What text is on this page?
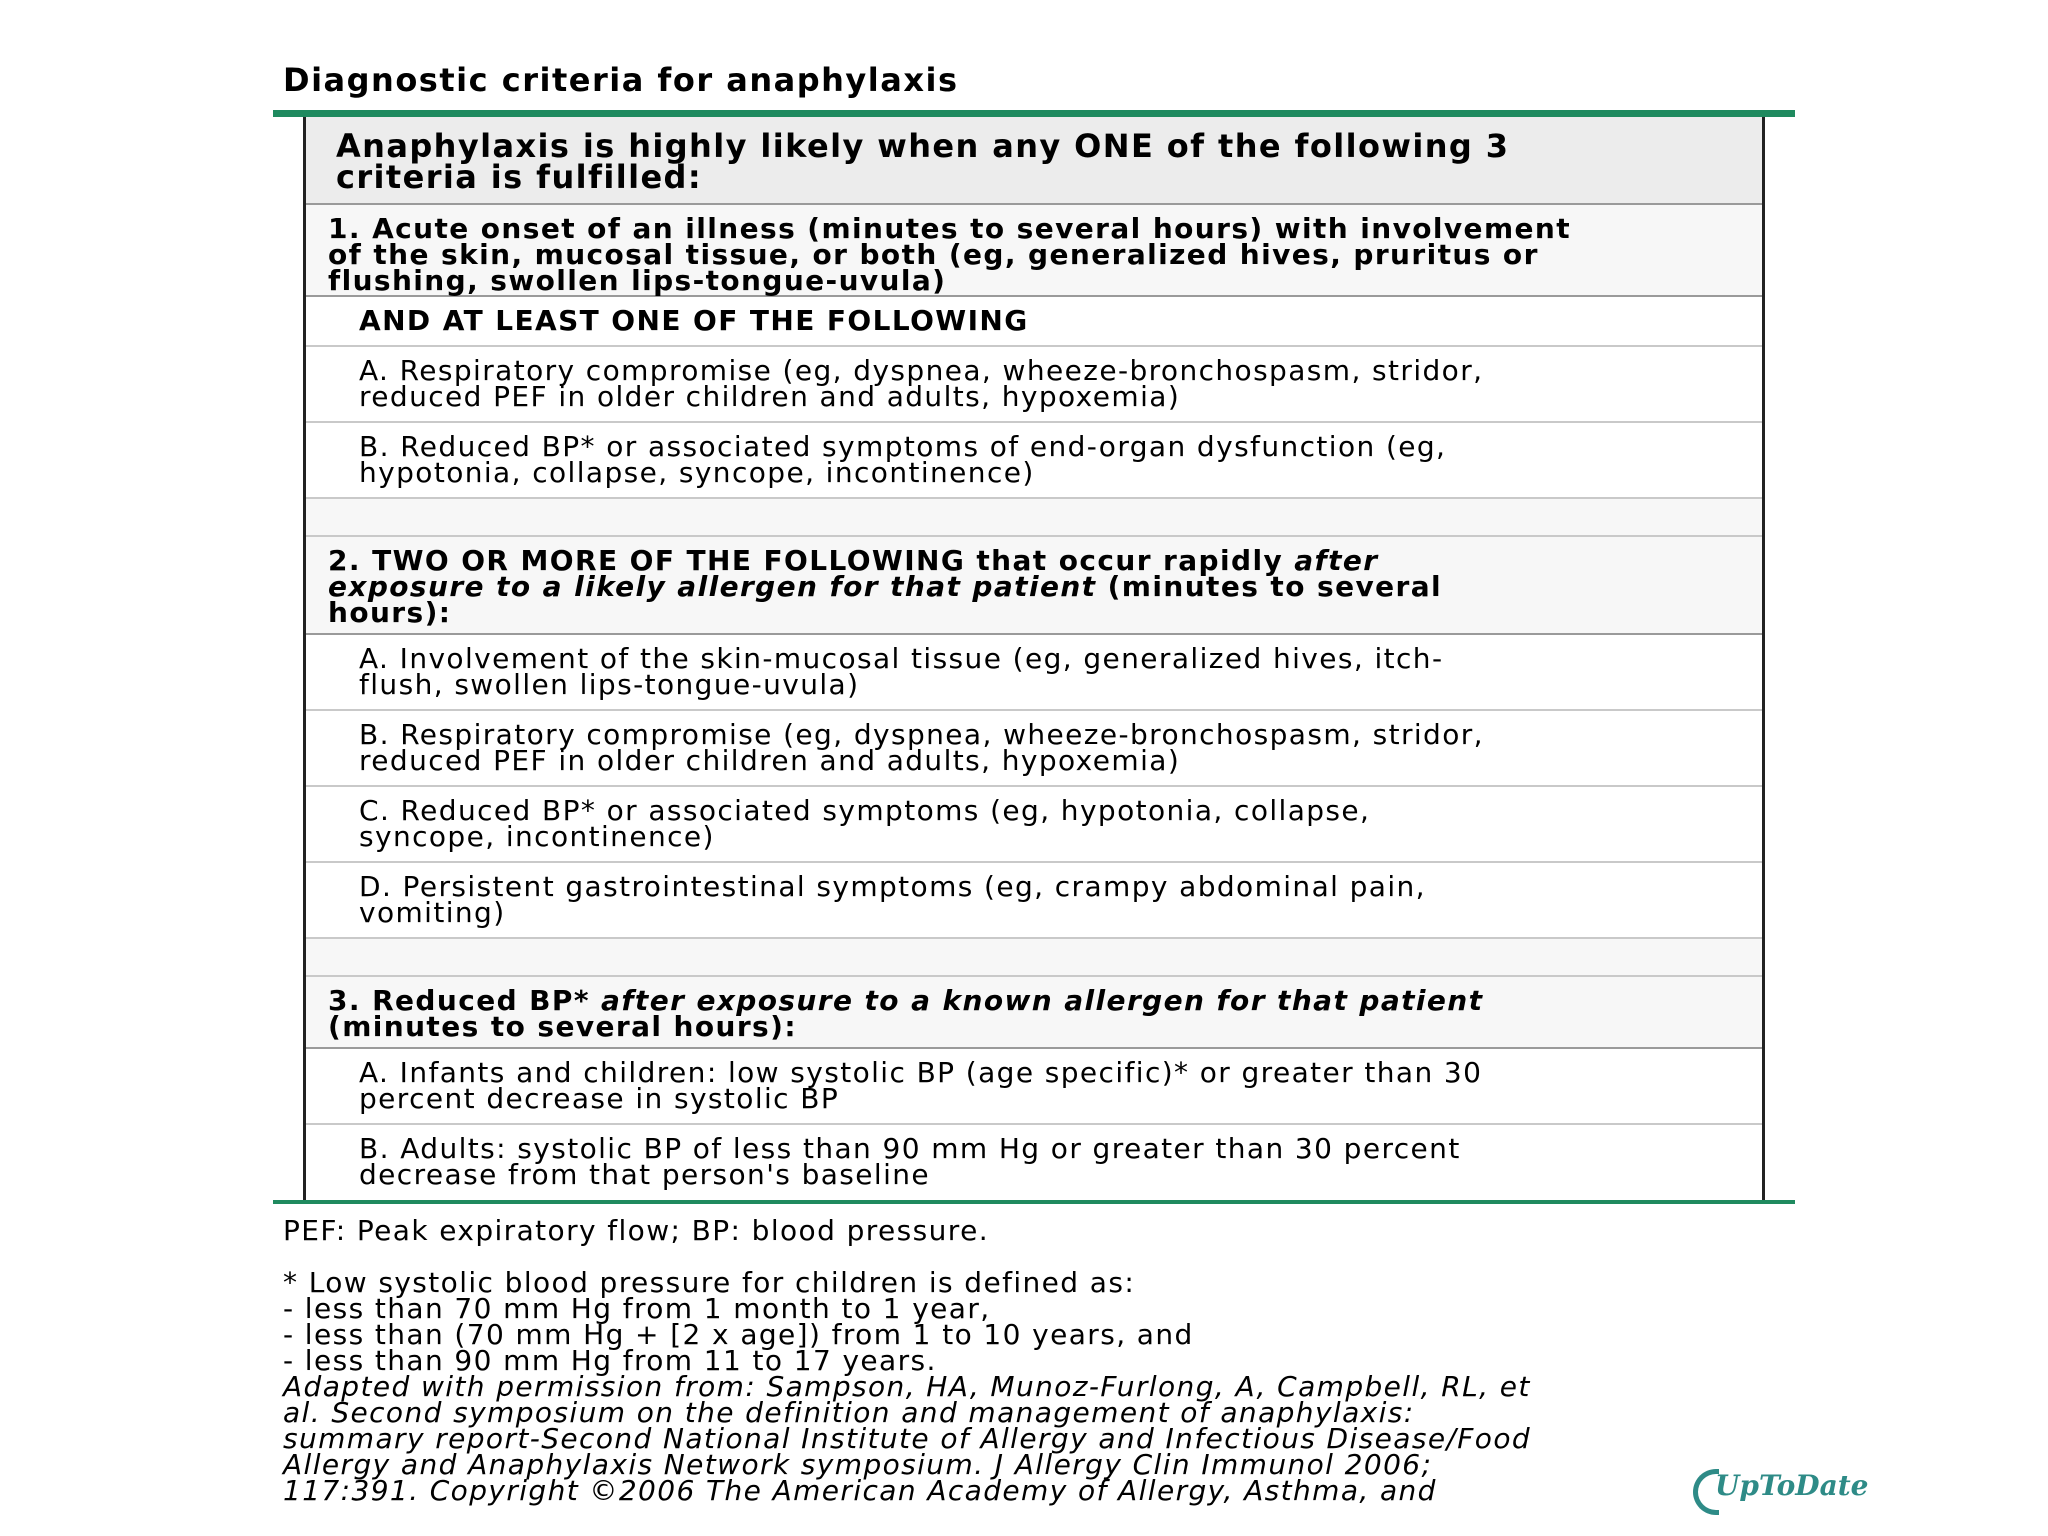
Diagnostic criteria for anaphylaxis
Anaphylaxis is highly likely when any ONE of the following 3
criteria is fulfilled:
1. Acute onset of an illness (minutes to several hours) with involvement
of the skin, mucosal tissue, or both (eg, generalized hives, pruritus or
flushing, swollen lips-tongue-uvula)
AND AT LEAST ONE OF THE FOLLOWING
A. Respiratory compromise (eg, dyspnea, wheeze-bronchospasm, stridor,
reduced PEF in older children and adults, hypoxemia)
B. Reduced BP* or associated symptoms of end-organ dysfunction (eg,
hypotonia, collapse, syncope, incontinence)
2. TWO OR MORE OF THE FOLLOWING that occur rapidly after
exposure to a likely allergen for that patient (minutes to several
hours):
A. Involvement of the skin-mucosal tissue (eg, generalized hives, itch-
flush, swollen lips-tongue-uvula)
B. Respiratory compromise (eg, dyspnea, wheeze-bronchospasm, stridor,
reduced PEF in older children and adults, hypoxemia)
C. Reduced BP* or associated symptoms (eg, hypotonia, collapse,
syncope, incontinence)
D. Persistent gastrointestinal symptoms (eg, crampy abdominal pain,
vomiting)
3. Reduced BP* after exposure to a known allergen for that patient
(minutes to several hours):
A. Infants and children: low systolic BP (age specific)* or greater than 30
percent decrease in systolic BP
B. Adults: systolic BP of less than 90 mm Hg or greater than 30 percent
decrease from that person's baseline
PEF: Peak expiratory flow; BP: blood pressure.
* Low systolic blood pressure for children is defined as:
- less than 70 mm Hg from 1 month to 1 year,
- less than (70 mm Hg + [2 x age]) from 1 to 10 years, and
- less than 90 mm Hg from 11 to 17 years.
Adapted with permission from: Sampson, HA, Munoz-Furlong, A, Campbell, RL, et
al. Second symposium on the definition and management of anaphylaxis:
summary report-Second National Institute of Allergy and Infectious Disease/Food
Allergy and Anaphylaxis Network symposium. J Allergy Clin Immunol 2006;
117:391. Copyright ©2006 The American Academy of Allergy, Asthma, and	UpToDate
